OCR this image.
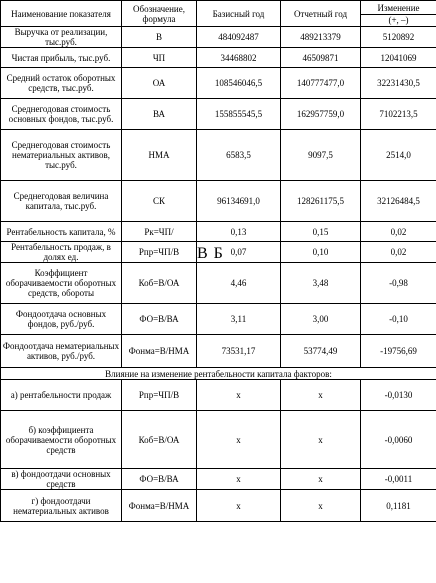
Наименование показателя	Обозначение, формула	Базисный год	Отчетный год	Изменение
(+, –)

Выручка от реализации, тыс.руб.	В	484092487	489213379	5120892
Чистая прибыль, тыс.руб.	ЧП	34468802	46509871	12041069
Средний остаток оборотных средств, тыс.руб.	ОА	108546046,5	140777477,0	32231430,5
Среднегодовая стоимость основных фондов, тыс.руб.	ВА	155855545,5	162957759,0	7102213,5
Среднегодовая стоимость нематериальных активов, тыс.руб.	НМА	6583,5	9097,5	2514,0
Среднегодовая величина капитала, тыс.руб.	СК	96134691,0	128261175,5	32126484,5
Рентабельность капитала, %	Рк=ЧП/	0,13	0,15	0,02
Рентабельность продаж, в долях ед.	Рпр=ЧП/В	0,07	0,10	0,02
Коэффициент оборачиваемости оборотных средств, обороты	Коб=В/ОА	4,46	3,48	-0,98
Фондоотдача основных фондов, руб./руб.	ФО=В/ВА	3,11	3,00	-0,10
Фондоотдача нематериальных активов, руб./руб.	Фонма=В/НМА	73531,17	53774,49	-19756,69
Влияние на изменение рентабельности капитала факторов:				
а) рентабельности продаж	Рпр=ЧП/В	х	х	-0,0130
б) коэффициента оборачиваемости оборотных средств	Коб=В/ОА	х	х	-0,0060
в) фондоотдачи основных средств	ФО=В/ВА	х	х	-0,0011
г) фондоотдачи нематериальных активов	Фонма=В/НМА	х	х	0,1181
В Б
